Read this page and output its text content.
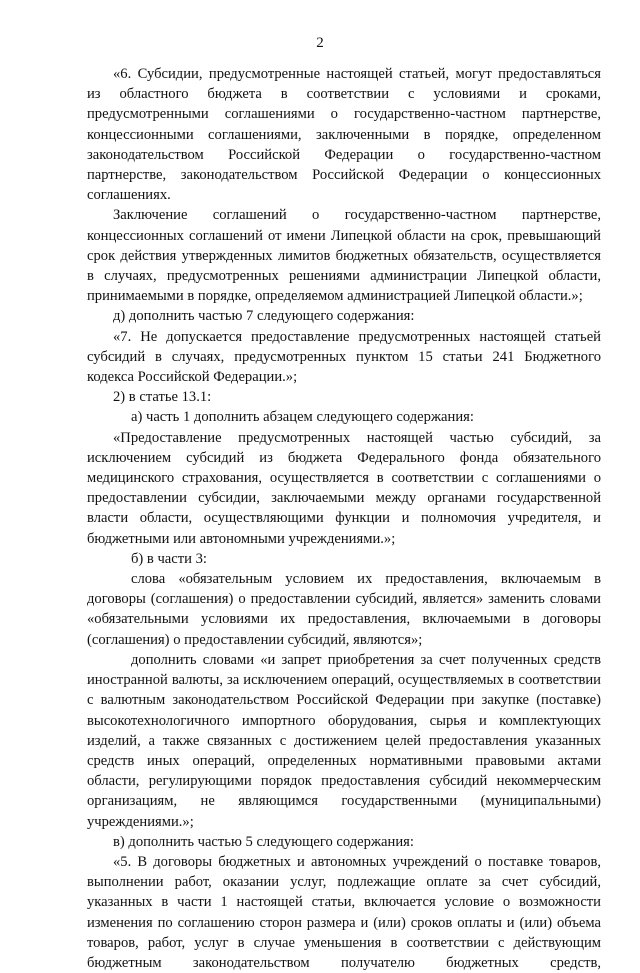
2

«6. Субсидии, предусмотренные настоящей статьей, могут предоставляться из областного бюджета в соответствии с условиями и сроками, предусмотренными соглашениями о государственно-частном партнерстве, концессионными соглашениями, заключенными в порядке, определенном законодательством Российской Федерации о государственно-частном партнерстве, законодательством Российской Федерации о концессионных соглашениях.

Заключение соглашений о государственно-частном партнерстве, концессионных соглашений от имени Липецкой области на срок, превышающий срок действия утвержденных лимитов бюджетных обязательств, осуществляется в случаях, предусмотренных решениями администрации Липецкой области, принимаемыми в порядке, определяемом администрацией Липецкой области.»;

д) дополнить частью 7 следующего содержания:

«7. Не допускается предоставление предусмотренных настоящей статьей субсидий в случаях, предусмотренных пунктом 15 статьи 241 Бюджетного кодекса Российской Федерации.»;

2) в статье 13.1:

а) часть 1 дополнить абзацем следующего содержания:

«Предоставление предусмотренных настоящей частью субсидий, за исключением субсидий из бюджета Федерального фонда обязательного медицинского страхования, осуществляется в соответствии с соглашениями о предоставлении субсидии, заключаемыми между органами государственной власти области, осуществляющими функции и полномочия учредителя, и бюджетными или автономными учреждениями.»;

б) в части 3:

слова «обязательным условием их предоставления, включаемым в договоры (соглашения) о предоставлении субсидий, является» заменить словами «обязательными условиями их предоставления, включаемыми в договоры (соглашения) о предоставлении субсидий, являются»;

дополнить словами «и запрет приобретения за счет полученных средств иностранной валюты, за исключением операций, осуществляемых в соответствии с валютным законодательством Российской Федерации при закупке (поставке) высокотехнологичного импортного оборудования, сырья и комплектующих изделий, а также связанных с достижением целей предоставления указанных средств иных операций, определенных нормативными правовыми актами области, регулирующими порядок предоставления субсидий некоммерческим организациям, не являющимся государственными (муниципальными) учреждениями.»;

в) дополнить частью 5 следующего содержания:

«5. В договоры бюджетных и автономных учреждений о поставке товаров, выполнении работ, оказании услуг, подлежащие оплате за счет субсидий, указанных в части 1 настоящей статьи, включается условие о возможности изменения по соглашению сторон размера и (или) сроков оплаты и (или) объема товаров, работ, услуг в случае уменьшения в соответствии с действующим бюджетным законодательством получателю бюджетных средств,
